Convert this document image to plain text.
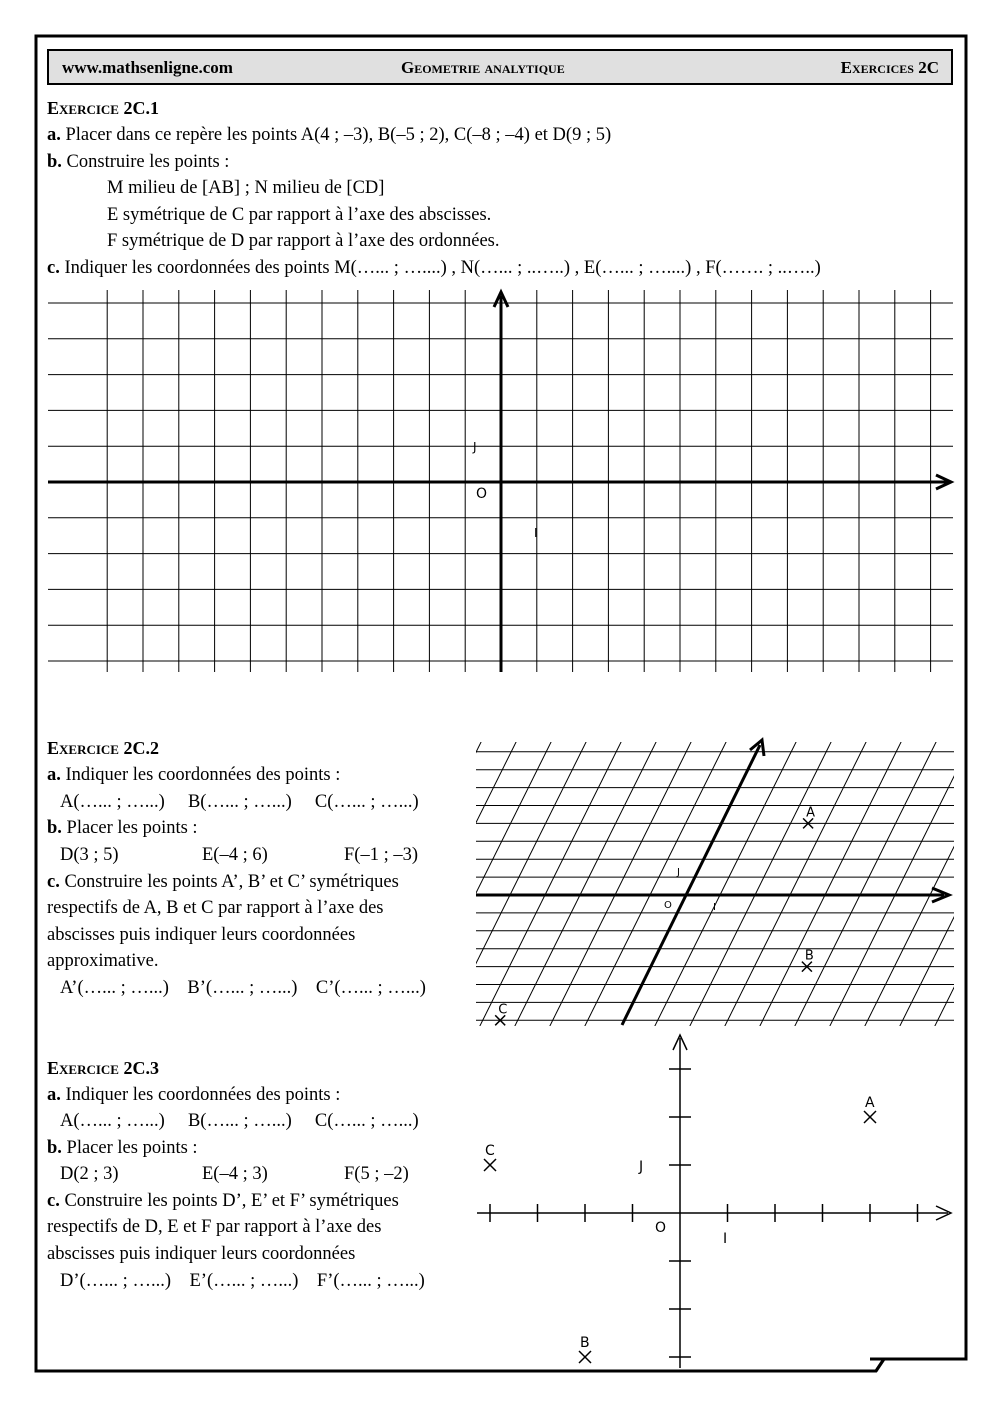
www.mathsenligne.com	Geometrie analytique	Exercices 2C
Exercice 2C.1
a. Placer dans ce repère les points A(4 ; –3), B(–5 ; 2), C(–8 ; –4) et D(9 ; 5)
b. Construire les points :
M milieu de [AB] ; N milieu de [CD]
E symétrique de C par rapport à l’axe des abscisses.
F symétrique de D par rapport à l’axe des ordonnées.
c. Indiquer les coordonnées des points M(…... ; …....) , N(…... ; ..…..) , E(…... ; …....) , F(……. ; ..…..)
O
I
J
Exercice 2C.2
a. Indiquer les coordonnées des points :
A(…... ; …...)     B(…... ; …...)     C(…... ; …...)
b. Placer les points :
D(3 ; 5)	E(–4 ; 6)	F(–1 ; –3)
c. Construire les points A’, B’ et C’ symétriques
respectifs de A, B et C par rapport à l’axe des
abscisses puis indiquer leurs coordonnées
approximative.
A’(…... ; …...)    B’(…... ; …...)    C’(…... ; …...)
O	I
J
A
B
C
Exercice 2C.3
a. Indiquer les coordonnées des points :
A(…... ; …...)     B(…... ; …...)     C(…... ; …...)
b. Placer les points :
D(2 ; 3)	E(–4 ; 3)	F(5 ; –2)
c. Construire les points D’, E’ et F’ symétriques
respectifs de D, E et F par rapport à l’axe des
abscisses puis indiquer leurs coordonnées
D’(…... ; …...)    E’(…... ; …...)    F’(…... ; …...)
O
I
J
A
B
C
